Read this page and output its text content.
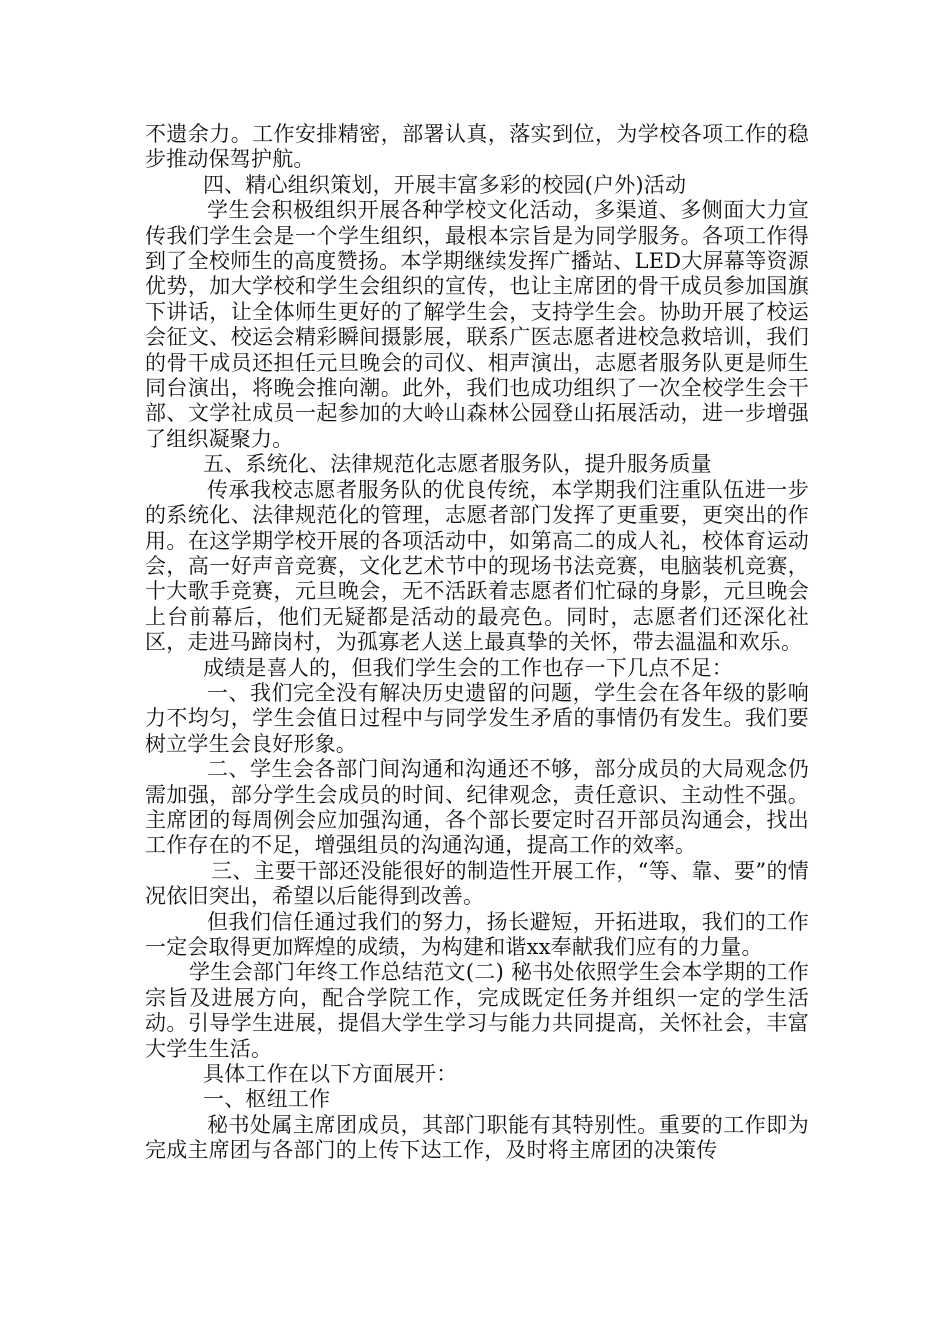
不遗余力。工作安排精密，部署认真，落实到位，为学校各项工作的稳步推动保驾护航。

四、精心组织策划，开展丰富多彩的校园(户外)活动

学生会积极组织开展各种学校文化活动，多渠道、多侧面大力宣传我们学生会是一个学生组织，最根本宗旨是为同学服务。各项工作得到了全校师生的高度赞扬。本学期继续发挥广播站、LED大屏幕等资源优势，加大学校和学生会组织的宣传，也让主席团的骨干成员参加国旗下讲话，让全体师生更好的了解学生会，支持学生会。协助开展了校运会征文、校运会精彩瞬间摄影展，联系广医志愿者进校急救培训，我们的骨干成员还担任元旦晚会的司仪、相声演出，志愿者服务队更是师生同台演出，将晚会推向潮。此外，我们也成功组织了一次全校学生会干部、文学社成员一起参加的大岭山森林公园登山拓展活动，进一步增强了组织凝聚力。

五、系统化、法律规范化志愿者服务队，提升服务质量

传承我校志愿者服务队的优良传统，本学期我们注重队伍进一步的系统化、法律规范化的管理，志愿者部门发挥了更重要，更突出的作用。在这学期学校开展的各项活动中，如第高二的成人礼，校体育运动会，高一好声音竞赛，文化艺术节中的现场书法竞赛，电脑装机竞赛，十大歌手竞赛，元旦晚会，无不活跃着志愿者们忙碌的身影，元旦晚会上台前幕后，他们无疑都是活动的最亮色。同时，志愿者们还深化社区，走进马蹄岗村，为孤寡老人送上最真挚的关怀，带去温温和欢乐。

成绩是喜人的，但我们学生会的工作也存一下几点不足：

一、我们完全没有解决历史遗留的问题，学生会在各年级的影响力不均匀，学生会值日过程中与同学发生矛盾的事情仍有发生。我们要树立学生会良好形象。

二、学生会各部门间沟通和沟通还不够，部分成员的大局观念仍需加强，部分学生会成员的时间、纪律观念，责任意识、主动性不强。主席团的每周例会应加强沟通，各个部长要定时召开部员沟通会，找出工作存在的不足，增强组员的沟通沟通，提高工作的效率。

三、主要干部还没能很好的制造性开展工作，“等、靠、要”的情况依旧突出，希望以后能得到改善。

但我们信任通过我们的努力，扬长避短，开拓进取，我们的工作一定会取得更加辉煌的成绩，为构建和谐xx奉献我们应有的力量。

学生会部门年终工作总结范文(二) 秘书处依照学生会本学期的工作宗旨及进展方向，配合学院工作，完成既定任务并组织一定的学生活动。引导学生进展，提倡大学生学习与能力共同提高，关怀社会，丰富大学生生活。

具体工作在以下方面展开：

一、枢纽工作

秘书处属主席团成员，其部门职能有其特别性。重要的工作即为完成主席团与各部门的上传下达工作，及时将主席团的决策传
